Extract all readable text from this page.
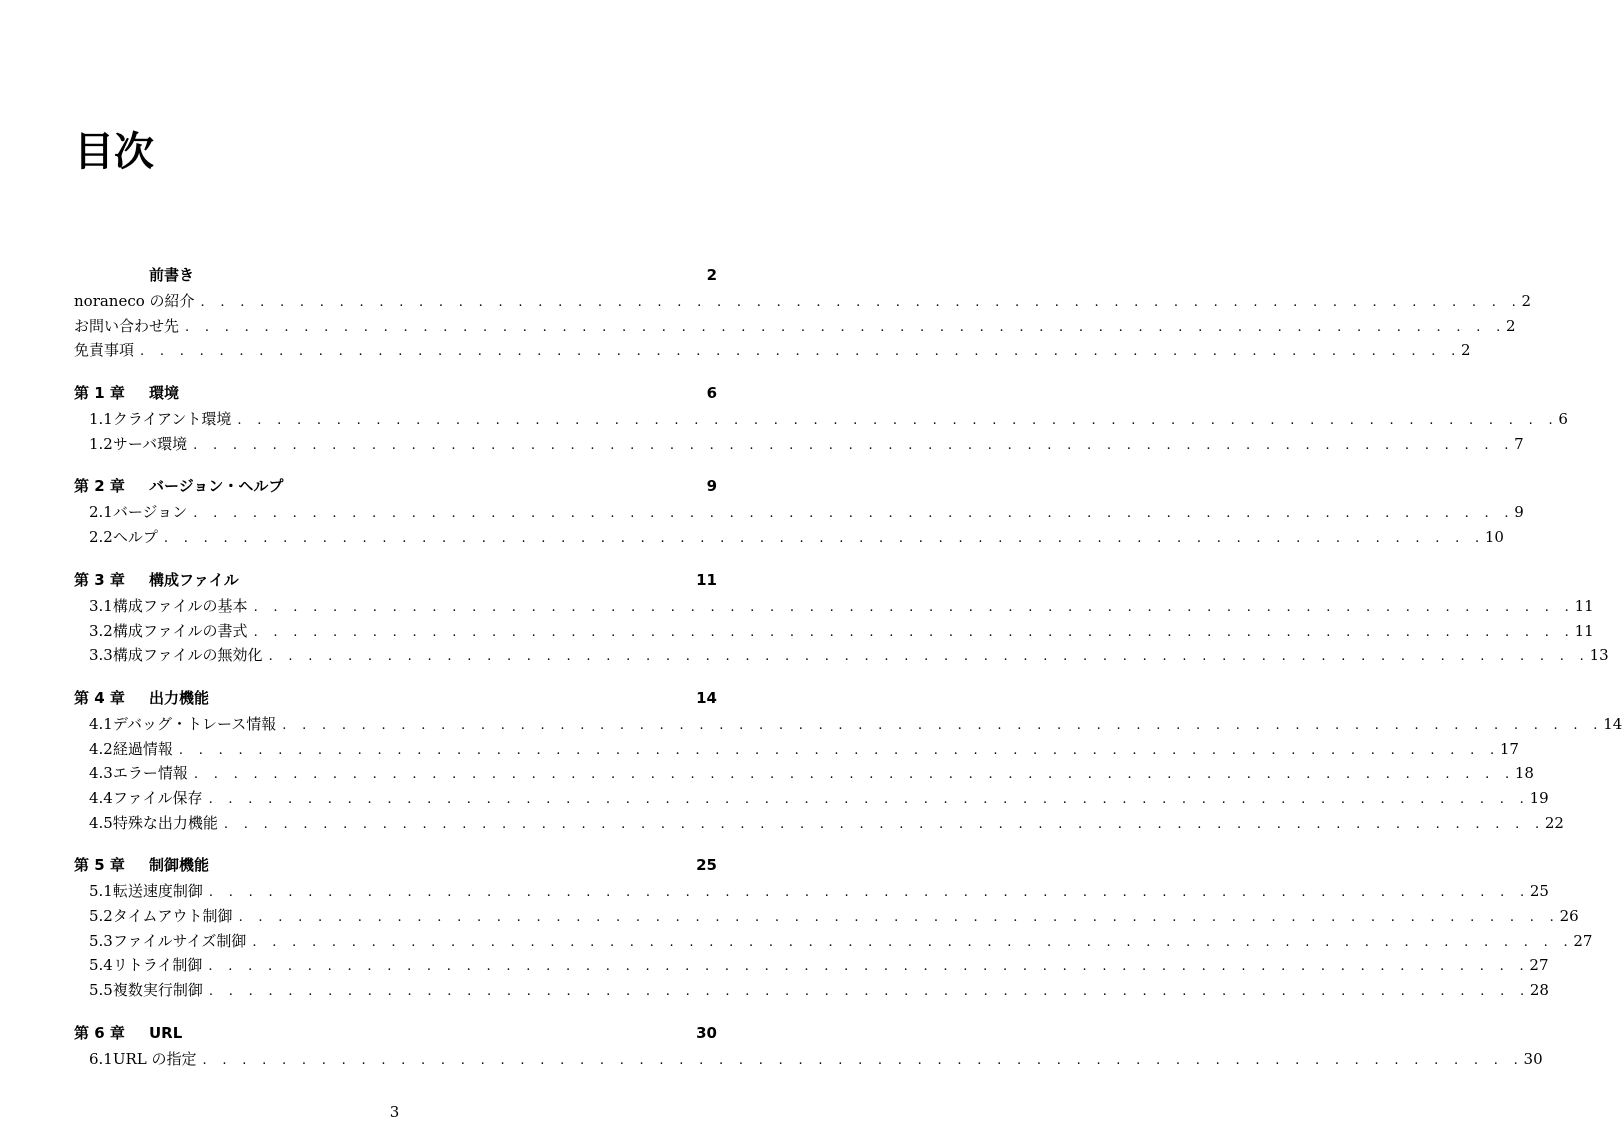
目次
前書き	2
noraneco の紹介 . . . . . . . . . . . . . . . . . . . . . . . . . . . . . . . . . . . . . . . . . . . . . . . . . . . . . . . . . . . . . . . . . . . 2
お問い合わせ先 . . . . . . . . . . . . . . . . . . . . . . . . . . . . . . . . . . . . . . . . . . . . . . . . . . . . . . . . . . . . . . . . . . . 2
免責事項 . . . . . . . . . . . . . . . . . . . . . . . . . . . . . . . . . . . . . . . . . . . . . . . . . . . . . . . . . . . . . . . . . . . 2
第 1 章	環境	6
1.1 クライアント環境 . . . . . . . . . . . . . . . . . . . . . . . . . . . . . . . . . . . . . . . . . . . . . . . . . . . . . . . . . . . . . . . . . . . 6
1.2 サーバ環境 . . . . . . . . . . . . . . . . . . . . . . . . . . . . . . . . . . . . . . . . . . . . . . . . . . . . . . . . . . . . . . . . . . . 7
第 2 章	バージョン・ヘルプ	9
2.1 バージョン . . . . . . . . . . . . . . . . . . . . . . . . . . . . . . . . . . . . . . . . . . . . . . . . . . . . . . . . . . . . . . . . . . . 9
2.2 ヘルプ . . . . . . . . . . . . . . . . . . . . . . . . . . . . . . . . . . . . . . . . . . . . . . . . . . . . . . . . . . . . . . . . . . . 10
第 3 章	構成ファイル	11
3.1 構成ファイルの基本 . . . . . . . . . . . . . . . . . . . . . . . . . . . . . . . . . . . . . . . . . . . . . . . . . . . . . . . . . . . . . . . . . . . 11
3.2 構成ファイルの書式 . . . . . . . . . . . . . . . . . . . . . . . . . . . . . . . . . . . . . . . . . . . . . . . . . . . . . . . . . . . . . . . . . . . 11
3.3 構成ファイルの無効化 . . . . . . . . . . . . . . . . . . . . . . . . . . . . . . . . . . . . . . . . . . . . . . . . . . . . . . . . . . . . . . . . . . . 13
第 4 章	出力機能	14
4.1 デバッグ・トレース情報 . . . . . . . . . . . . . . . . . . . . . . . . . . . . . . . . . . . . . . . . . . . . . . . . . . . . . . . . . . . . . . . . . . . 14
4.2 経過情報 . . . . . . . . . . . . . . . . . . . . . . . . . . . . . . . . . . . . . . . . . . . . . . . . . . . . . . . . . . . . . . . . . . . 17
4.3 エラー情報 . . . . . . . . . . . . . . . . . . . . . . . . . . . . . . . . . . . . . . . . . . . . . . . . . . . . . . . . . . . . . . . . . . . 18
4.4 ファイル保存 . . . . . . . . . . . . . . . . . . . . . . . . . . . . . . . . . . . . . . . . . . . . . . . . . . . . . . . . . . . . . . . . . . . 19
4.5 特殊な出力機能 . . . . . . . . . . . . . . . . . . . . . . . . . . . . . . . . . . . . . . . . . . . . . . . . . . . . . . . . . . . . . . . . . . . 22
第 5 章	制御機能	25
5.1 転送速度制御 . . . . . . . . . . . . . . . . . . . . . . . . . . . . . . . . . . . . . . . . . . . . . . . . . . . . . . . . . . . . . . . . . . . 25
5.2 タイムアウト制御 . . . . . . . . . . . . . . . . . . . . . . . . . . . . . . . . . . . . . . . . . . . . . . . . . . . . . . . . . . . . . . . . . . . 26
5.3 ファイルサイズ制御 . . . . . . . . . . . . . . . . . . . . . . . . . . . . . . . . . . . . . . . . . . . . . . . . . . . . . . . . . . . . . . . . . . . 27
5.4 リトライ制御 . . . . . . . . . . . . . . . . . . . . . . . . . . . . . . . . . . . . . . . . . . . . . . . . . . . . . . . . . . . . . . . . . . . 27
5.5 複数実行制御 . . . . . . . . . . . . . . . . . . . . . . . . . . . . . . . . . . . . . . . . . . . . . . . . . . . . . . . . . . . . . . . . . . . 28
第 6 章	URL	30
6.1 URL の指定 . . . . . . . . . . . . . . . . . . . . . . . . . . . . . . . . . . . . . . . . . . . . . . . . . . . . . . . . . . . . . . . . . . . 30
3
